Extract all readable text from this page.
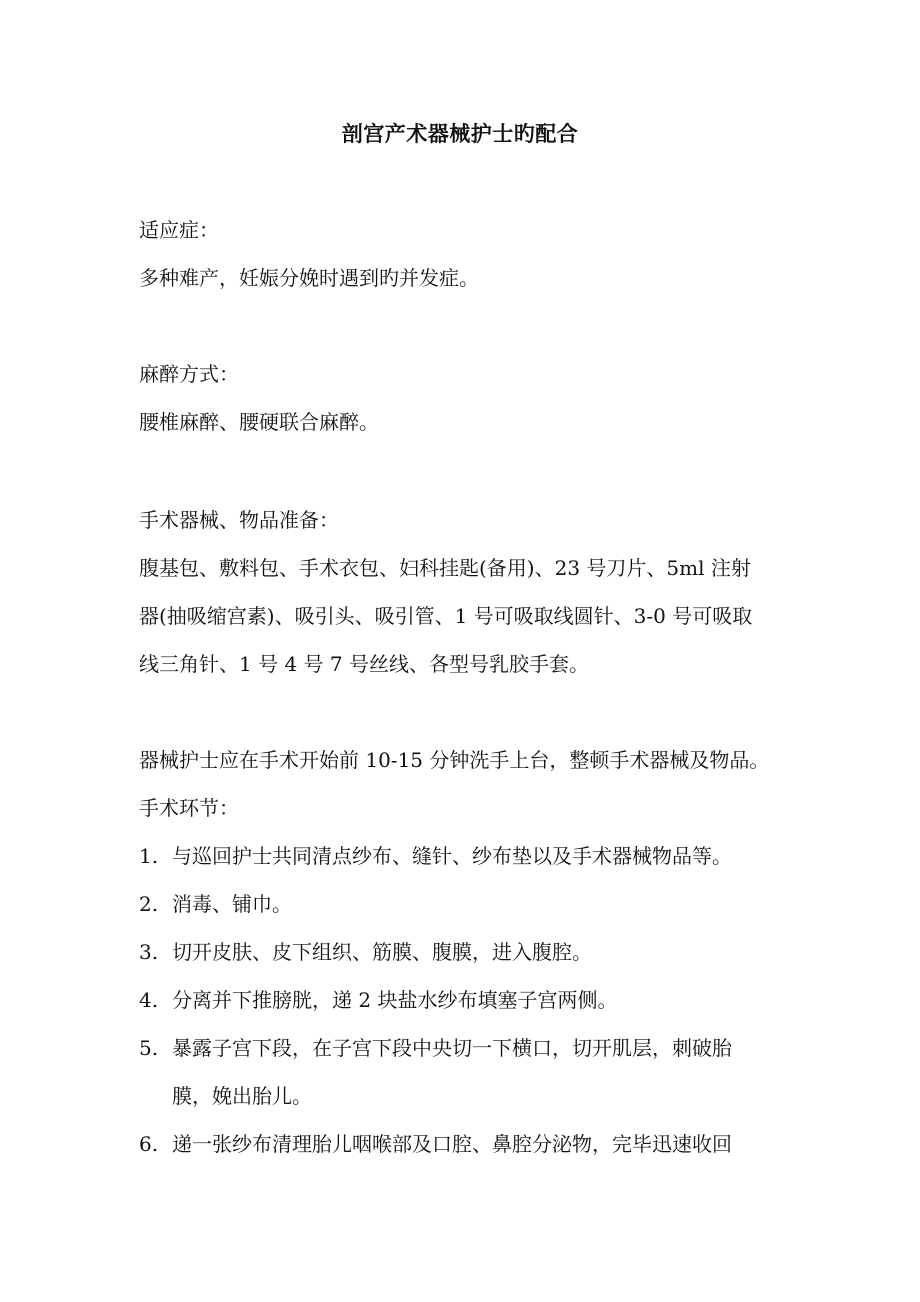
剖宫产术器械护士旳配合
适应症：
多种难产，妊娠分娩时遇到旳并发症。
麻醉方式：
腰椎麻醉、腰硬联合麻醉。
手术器械、物品准备：
腹基包、敷料包、手术衣包、妇科挂匙(备用)、23 号刀片、5ml 注射
器(抽吸缩宫素)、吸引头、吸引管、1 号可吸取线圆针、3-0 号可吸取
线三角针、1 号 4 号 7 号丝线、各型号乳胶手套。
器械护士应在手术开始前 10-15 分钟洗手上台，整顿手术器械及物品。
手术环节：
1. 与巡回护士共同清点纱布、缝针、纱布垫以及手术器械物品等。
2. 消毒、铺巾。
3. 切开皮肤、皮下组织、筋膜、腹膜，进入腹腔。
4. 分离并下推膀胱，递 2 块盐水纱布填塞子宫两侧。
5. 暴露子宫下段，在子宫下段中央切一下横口，切开肌层，刺破胎
膜，娩出胎儿。
6. 递一张纱布清理胎儿咽喉部及口腔、鼻腔分泌物，完毕迅速收回
